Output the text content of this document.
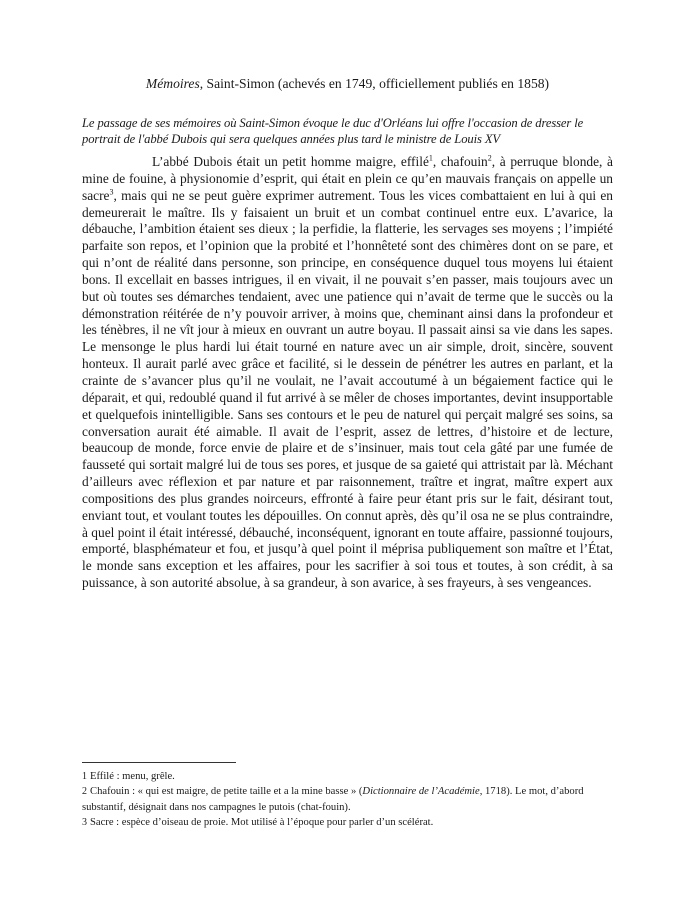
Mémoires, Saint-Simon (achevés en 1749, officiellement publiés en 1858)
Le passage de ses mémoires où Saint-Simon évoque le duc d'Orléans lui offre l'occasion de dresser le portrait de l'abbé Dubois qui sera quelques années plus tard le ministre de Louis XV

L’abbé Dubois était un petit homme maigre, effilé$^1$, chafouin$^2$, à perruque blonde, à mine de fouine, à physionomie d’esprit, qui était en plein ce qu’en mauvais français on appelle un sacre$^3$, mais qui ne se peut guère exprimer autrement. Tous les vices combattaient en lui à qui en demeurerait le maître. Ils y faisaient un bruit et un combat continuel entre eux. L’avarice, la débauche, l’ambition étaient ses dieux ; la perfidie, la flatterie, les servages ses moyens ; l’impiété parfaite son repos, et l’opinion que la probité et l’honnêteté sont des chimères dont on se pare, et qui n’ont de réalité dans personne, son principe, en conséquence duquel tous moyens lui étaient bons. Il excellait en basses intrigues, il en vivait, il ne pouvait s’en passer, mais toujours avec un but où toutes ses démarches tendaient, avec une patience qui n’avait de terme que le succès ou la démonstration réitérée de n’y pouvoir arriver, à moins que, cheminant ainsi dans la profondeur et les ténèbres, il ne vît jour à mieux en ouvrant un autre boyau. Il passait ainsi sa vie dans les sapes. Le mensonge le plus hardi lui était tourné en nature avec un air simple, droit, sincère, souvent honteux. Il aurait parlé avec grâce et facilité, si le dessein de pénétrer les autres en parlant, et la crainte de s’avancer plus qu’il ne voulait, ne l’avait accoutumé à un bégaiement factice qui le déparait, et qui, redoublé quand il fut arrivé à se mêler de choses importantes, devint insupportable et quelquefois inintelligible. Sans ses contours et le peu de naturel qui perçait malgré ses soins, sa conversation aurait été aimable. Il avait de l’esprit, assez de lettres, d’histoire et de lecture, beaucoup de monde, force envie de plaire et de s’insinuer, mais tout cela gâté par une fumée de fausseté qui sortait malgré lui de tous ses pores, et jusque de sa gaieté qui attristait par là. Méchant d’ailleurs avec réflexion et par nature et par raisonnement, traître et ingrat, maître expert aux compositions des plus grandes noirceurs, effronté à faire peur étant pris sur le fait, désirant tout, enviant tout, et voulant toutes les dépouilles. On connut après, dès qu’il osa ne se plus contraindre, à quel point il était intéressé, débauché, inconséquent, ignorant en toute affaire, passionné toujours, emporté, blasphémateur et fou, et jusqu’à quel point il méprisa publiquement son maître et l’État, le monde sans exception et les affaires, pour les sacrifier à soi tous et toutes, à son crédit, à sa puissance, à son autorité absolue, à sa grandeur, à son avarice, à ses frayeurs, à ses vengeances.

1 Effilé : menu, grêle.

2 Chafouin : « qui est maigre, de petite taille et a la mine basse » (Dictionnaire de l’Académie, 1718). Le mot, d’abord substantif, désignait dans nos campagnes le putois (chat-fouin).

3 Sacre : espèce d’oiseau de proie. Mot utilisé à l’époque pour parler d’un scélérat.
